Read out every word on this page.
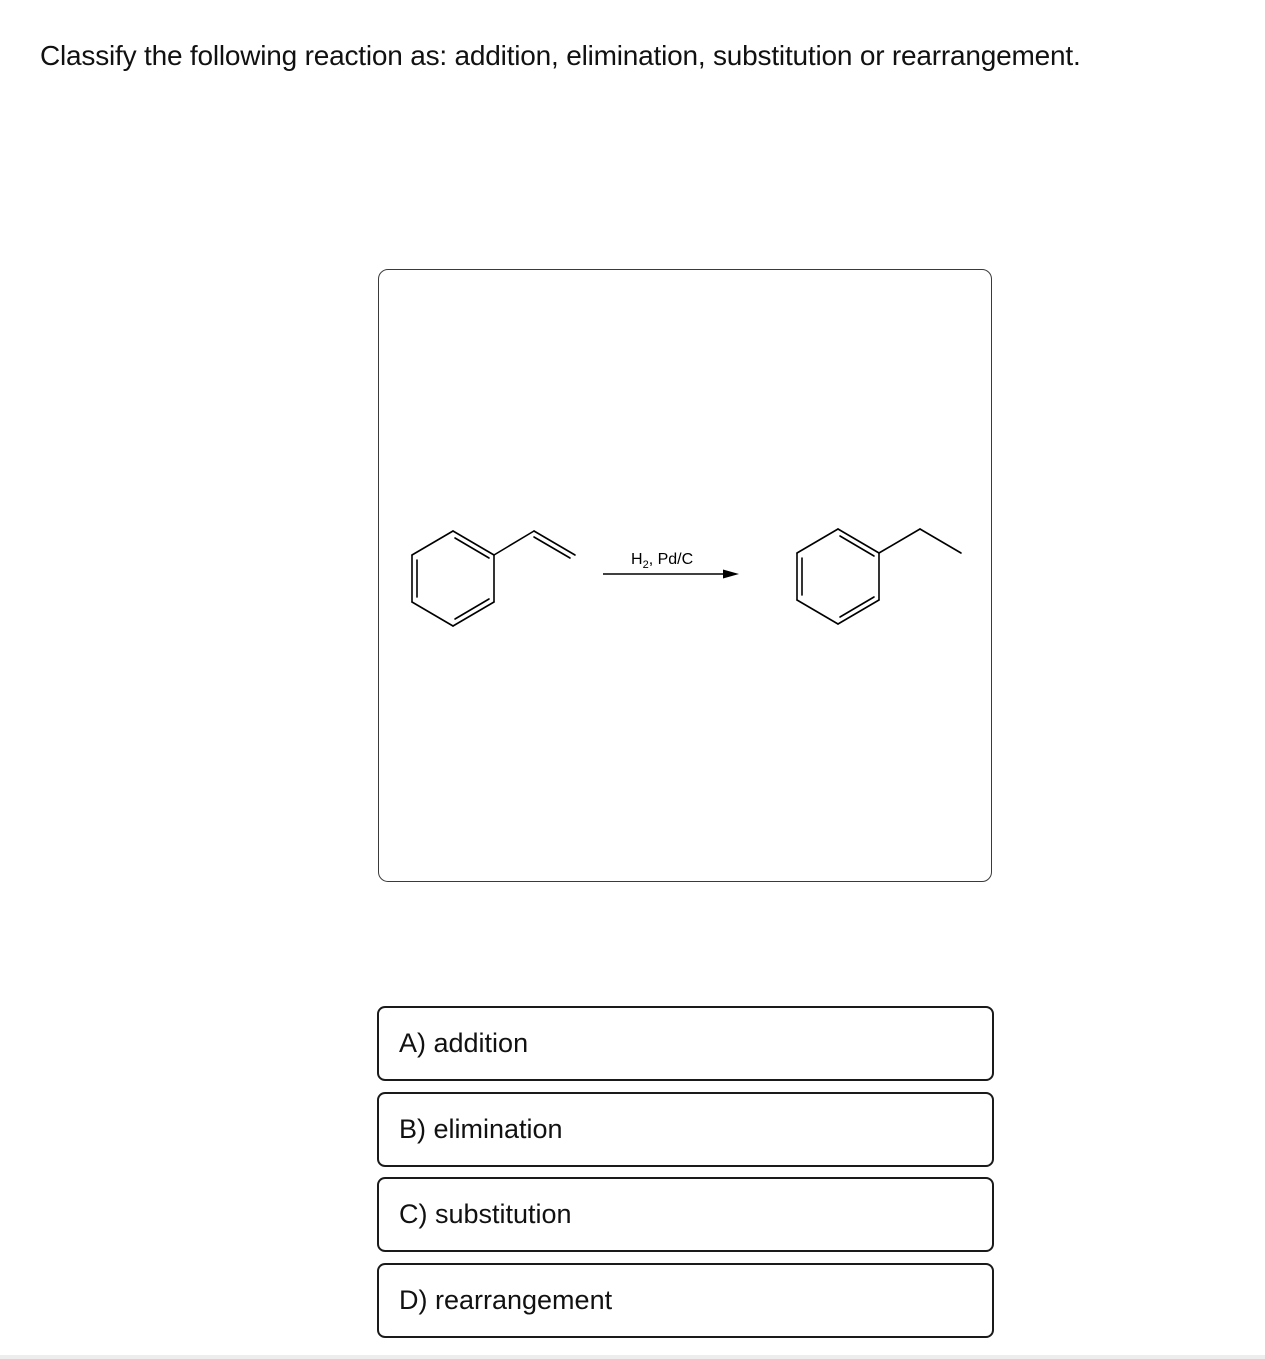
Classify the following reaction as: addition, elimination, substitution or rearrangement.
$H_2$, Pd/C
A) addition
B) elimination
C) substitution
D) rearrangement
